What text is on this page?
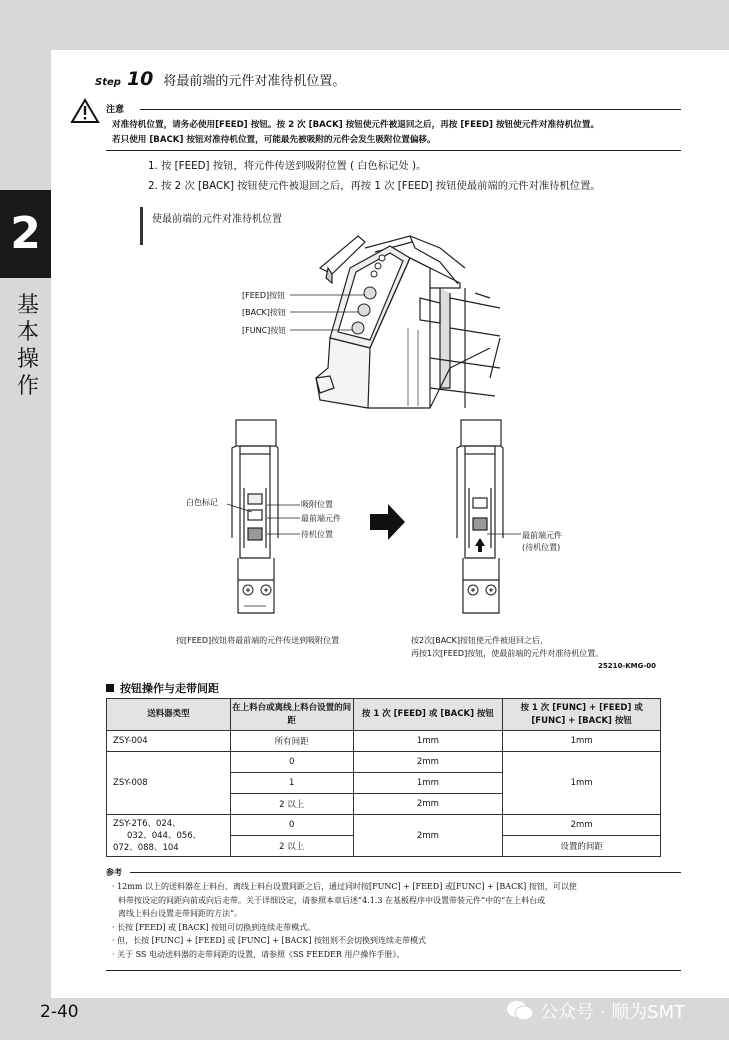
2
基本操作
Step 10 将最前端的元件对准待机位置。
注意
对准待机位置，请务必使用[FEED] 按钮。按 2 次 [BACK] 按钮使元件被退回之后，再按 [FEED] 按钮使元件对准待机位置。
若只使用 [BACK] 按钮对准待机位置，可能最先被吸附的元件会发生吸附位置偏移。
1. 按 [FEED] 按钮，将元件传送到吸附位置 ( 白色标记处 )。
2. 按 2 次 [BACK] 按钮使元件被退回之后，再按 1 次 [FEED] 按钮使最前端的元件对准待机位置。
使最前端的元件对准待机位置
[FEED]按钮
[BACK]按钮
[FUNC]按钮
白色标记	吸附位置
最前端元件
待机位置	最前端元件
(待机位置)
按[FEED]按钮将最前端的元件传送到吸附位置	按2次[BACK]按钮使元件被退回之后，
再按1次[FEED]按钮，使最前端的元件对准待机位置。
25210-KMG-00
按钮操作与走带间距
送料器类型	在上料台或离线上料台设置的间距	按 1 次 [FEED] 或 [BACK] 按钮	按 1 次 [FUNC] + [FEED] 或 [FUNC] + [BACK] 按钮
ZSY-004	所有间距	1mm	1mm
ZSY-008	0	2mm	1mm
	1	1mm	
	2 以上	2mm	

ZSY-2T6、024、
032、044、056、
072、088、104	0	2mm	2mm
	2 以上		设置的间距
参考
· 12mm 以上的送料器在上料台、离线上料台设置间距之后，通过同时按[FUNC] + [FEED] 或[FUNC] + [BACK] 按钮，可以使
料带按设定的间距向前或向后走带。关于详细设定，请参照本章后述“4.1.3 在基板程序中设置带装元件”中的“在上料台或
离线上料台设置走带间距的方法”。
· 长按 [FEED] 或 [BACK] 按钮可切换到连续走带模式。
· 但，长按 [FUNC] + [FEED] 或 [FUNC] + [BACK] 按钮则不会切换到连续走带模式
· 关于 SS 电动送料器的走带间距的设置，请参照《SS FEEDER 用户操作手册》。
2-40	公众号 · 顺为SMT
